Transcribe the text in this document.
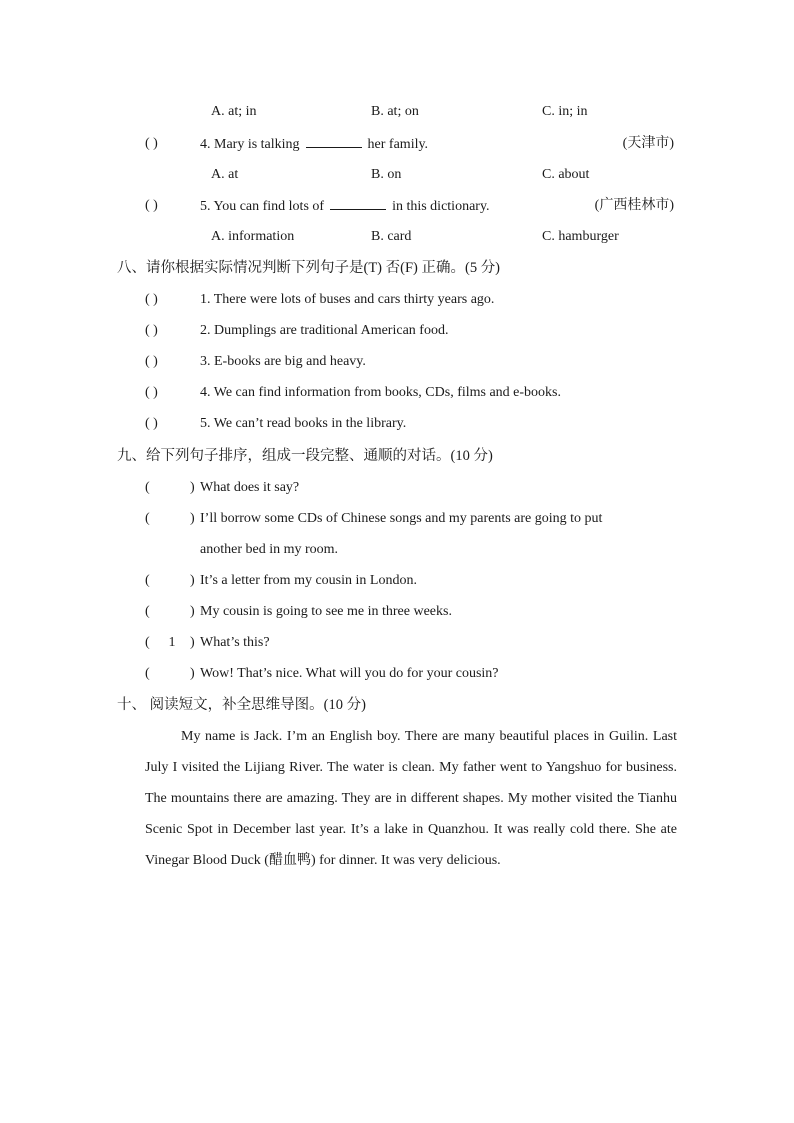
A. at; in	B. at; on	C. in; in
( )	4. Mary is talking	her family.	(天津市)
A. at	B. on	C. about
( )	5. You can find lots of	in this dictionary.	(广西桂林市)
A. information	B. card	C. hamburger
八、请你根据实际情况判断下列句子是(T) 否(F) 正确。(5 分)
( )	1. There were lots of buses and cars thirty years ago.
( )	2. Dumplings are traditional American food.
( )	3. E-books are big and heavy.
( )	4. We can find information from books, CDs, films and e-books.
( )	5. We can’t read books in the library.
九、给下列句子排序，组成一段完整、通顺的对话。(10 分)
(	) What does it say?
(	) I’ll borrow some CDs of Chinese songs and my parents are going to put
another bed in my room.
(	) It’s a letter from my cousin in London.
(	) My cousin is going to see me in three weeks.
( 1 ) What’s this?
(	) Wow! That’s nice. What will you do for your cousin?
十、 阅读短文，补全思维导图。(10 分)

My name is Jack. I’m an English boy. There are many beautiful places in Guilin. Last July I visited the Lijiang River. The water is clean. My father went to Yangshuo for business. The mountains there are amazing. They are in different shapes. My mother visited the Tianhu Scenic Spot in December last year. It’s a lake in Quanzhou. It was really cold there. She ate Vinegar Blood Duck (醋血鸭) for dinner. It was very delicious.
